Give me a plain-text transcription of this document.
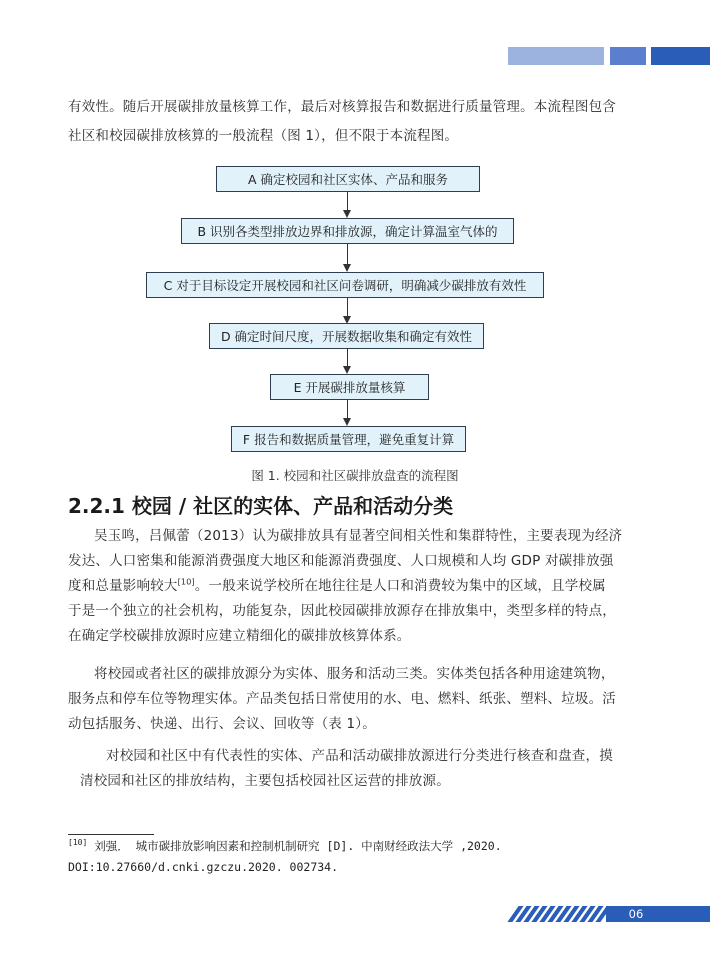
有效性。随后开展碳排放量核算工作，最后对核算报告和数据进行质量管理。本流程图包含
社区和校园碳排放核算的一般流程（图 1），但不限于本流程图。
A 确定校园和社区实体、产品和服务
B 识别各类型排放边界和排放源，确定计算温室气体的
C 对于目标设定开展校园和社区问卷调研，明确减少碳排放有效性
D 确定时间尺度，开展数据收集和确定有效性
E 开展碳排放量核算
F 报告和数据质量管理，避免重复计算
图 1. 校园和社区碳排放盘查的流程图
2.2.1 校园 / 社区的实体、产品和活动分类
吴玉鸣，吕佩蕾（2013）认为碳排放具有显著空间相关性和集群特性，主要表现为经济
发达、人口密集和能源消费强度大地区和能源消费强度、人口规模和人均 GDP 对碳排放强
度和总量影响较大[10]。一般来说学校所在地往往是人口和消费较为集中的区域，且学校属
于是一个独立的社会机构，功能复杂，因此校园碳排放源存在排放集中，类型多样的特点，
在确定学校碳排放源时应建立精细化的碳排放核算体系。
将校园或者社区的碳排放源分为实体、服务和活动三类。实体类包括各种用途建筑物，
服务点和停车位等物理实体。产品类包括日常使用的水、电、燃料、纸张、塑料、垃圾。活
动包括服务、快递、出行、会议、回收等（表 1）。
对校园和社区中有代表性的实体、产品和活动碳排放源进行分类进行核查和盘查，摸
清校园和社区的排放结构，主要包括校园社区运营的排放源。
[10] 刘强． 城市碳排放影响因素和控制机制研究 [D]. 中南财经政法大学 ,2020.
DOI:10.27660/d.cnki.gzczu.2020. 002734.
06
